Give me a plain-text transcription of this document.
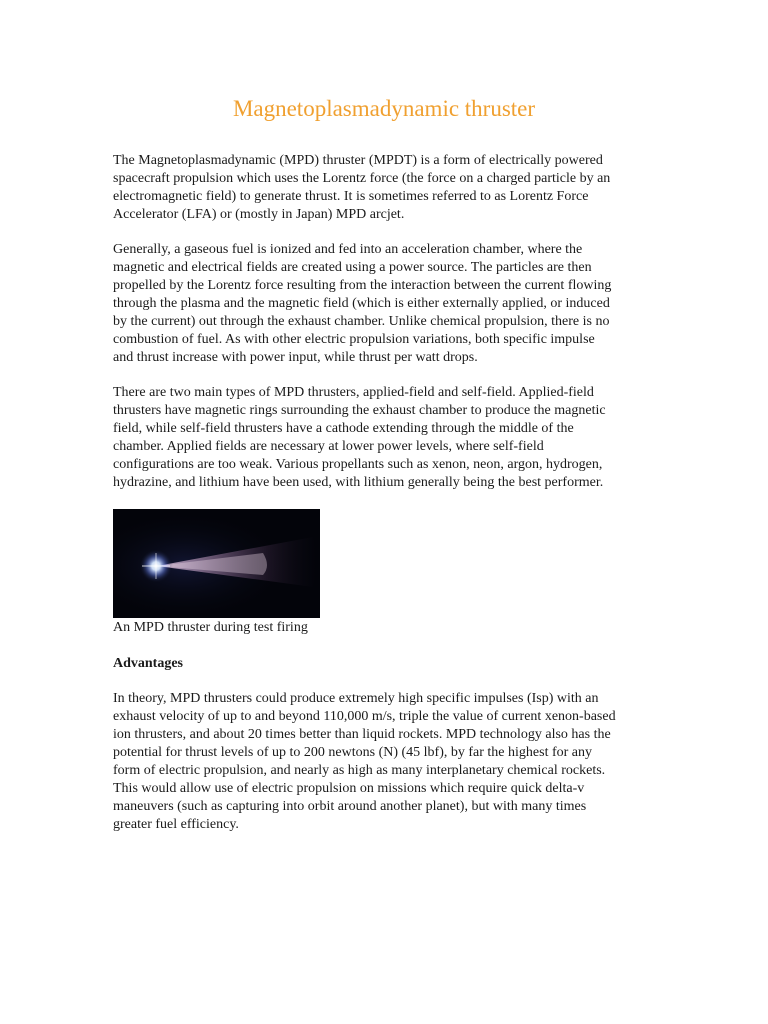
Magnetoplasmadynamic thruster

The Magnetoplasmadynamic (MPD) thruster (MPDT) is a form of electrically powered
spacecraft propulsion which uses the Lorentz force (the force on a charged particle by an
electromagnetic field) to generate thrust. It is sometimes referred to as Lorentz Force
Accelerator (LFA) or (mostly in Japan) MPD arcjet.

Generally, a gaseous fuel is ionized and fed into an acceleration chamber, where the
magnetic and electrical fields are created using a power source. The particles are then
propelled by the Lorentz force resulting from the interaction between the current flowing
through the plasma and the magnetic field (which is either externally applied, or induced
by the current) out through the exhaust chamber. Unlike chemical propulsion, there is no
combustion of fuel. As with other electric propulsion variations, both specific impulse
and thrust increase with power input, while thrust per watt drops.

There are two main types of MPD thrusters, applied-field and self-field. Applied-field
thrusters have magnetic rings surrounding the exhaust chamber to produce the magnetic
field, while self-field thrusters have a cathode extending through the middle of the
chamber. Applied fields are necessary at lower power levels, where self-field
configurations are too weak. Various propellants such as xenon, neon, argon, hydrogen,
hydrazine, and lithium have been used, with lithium generally being the best performer.

An MPD thruster during test firing
Advantages

In theory, MPD thrusters could produce extremely high specific impulses (Isp) with an
exhaust velocity of up to and beyond 110,000 m/s, triple the value of current xenon-based
ion thrusters, and about 20 times better than liquid rockets. MPD technology also has the
potential for thrust levels of up to 200 newtons (N) (45 lbf), by far the highest for any
form of electric propulsion, and nearly as high as many interplanetary chemical rockets.
This would allow use of electric propulsion on missions which require quick delta-v
maneuvers (such as capturing into orbit around another planet), but with many times
greater fuel efficiency.
